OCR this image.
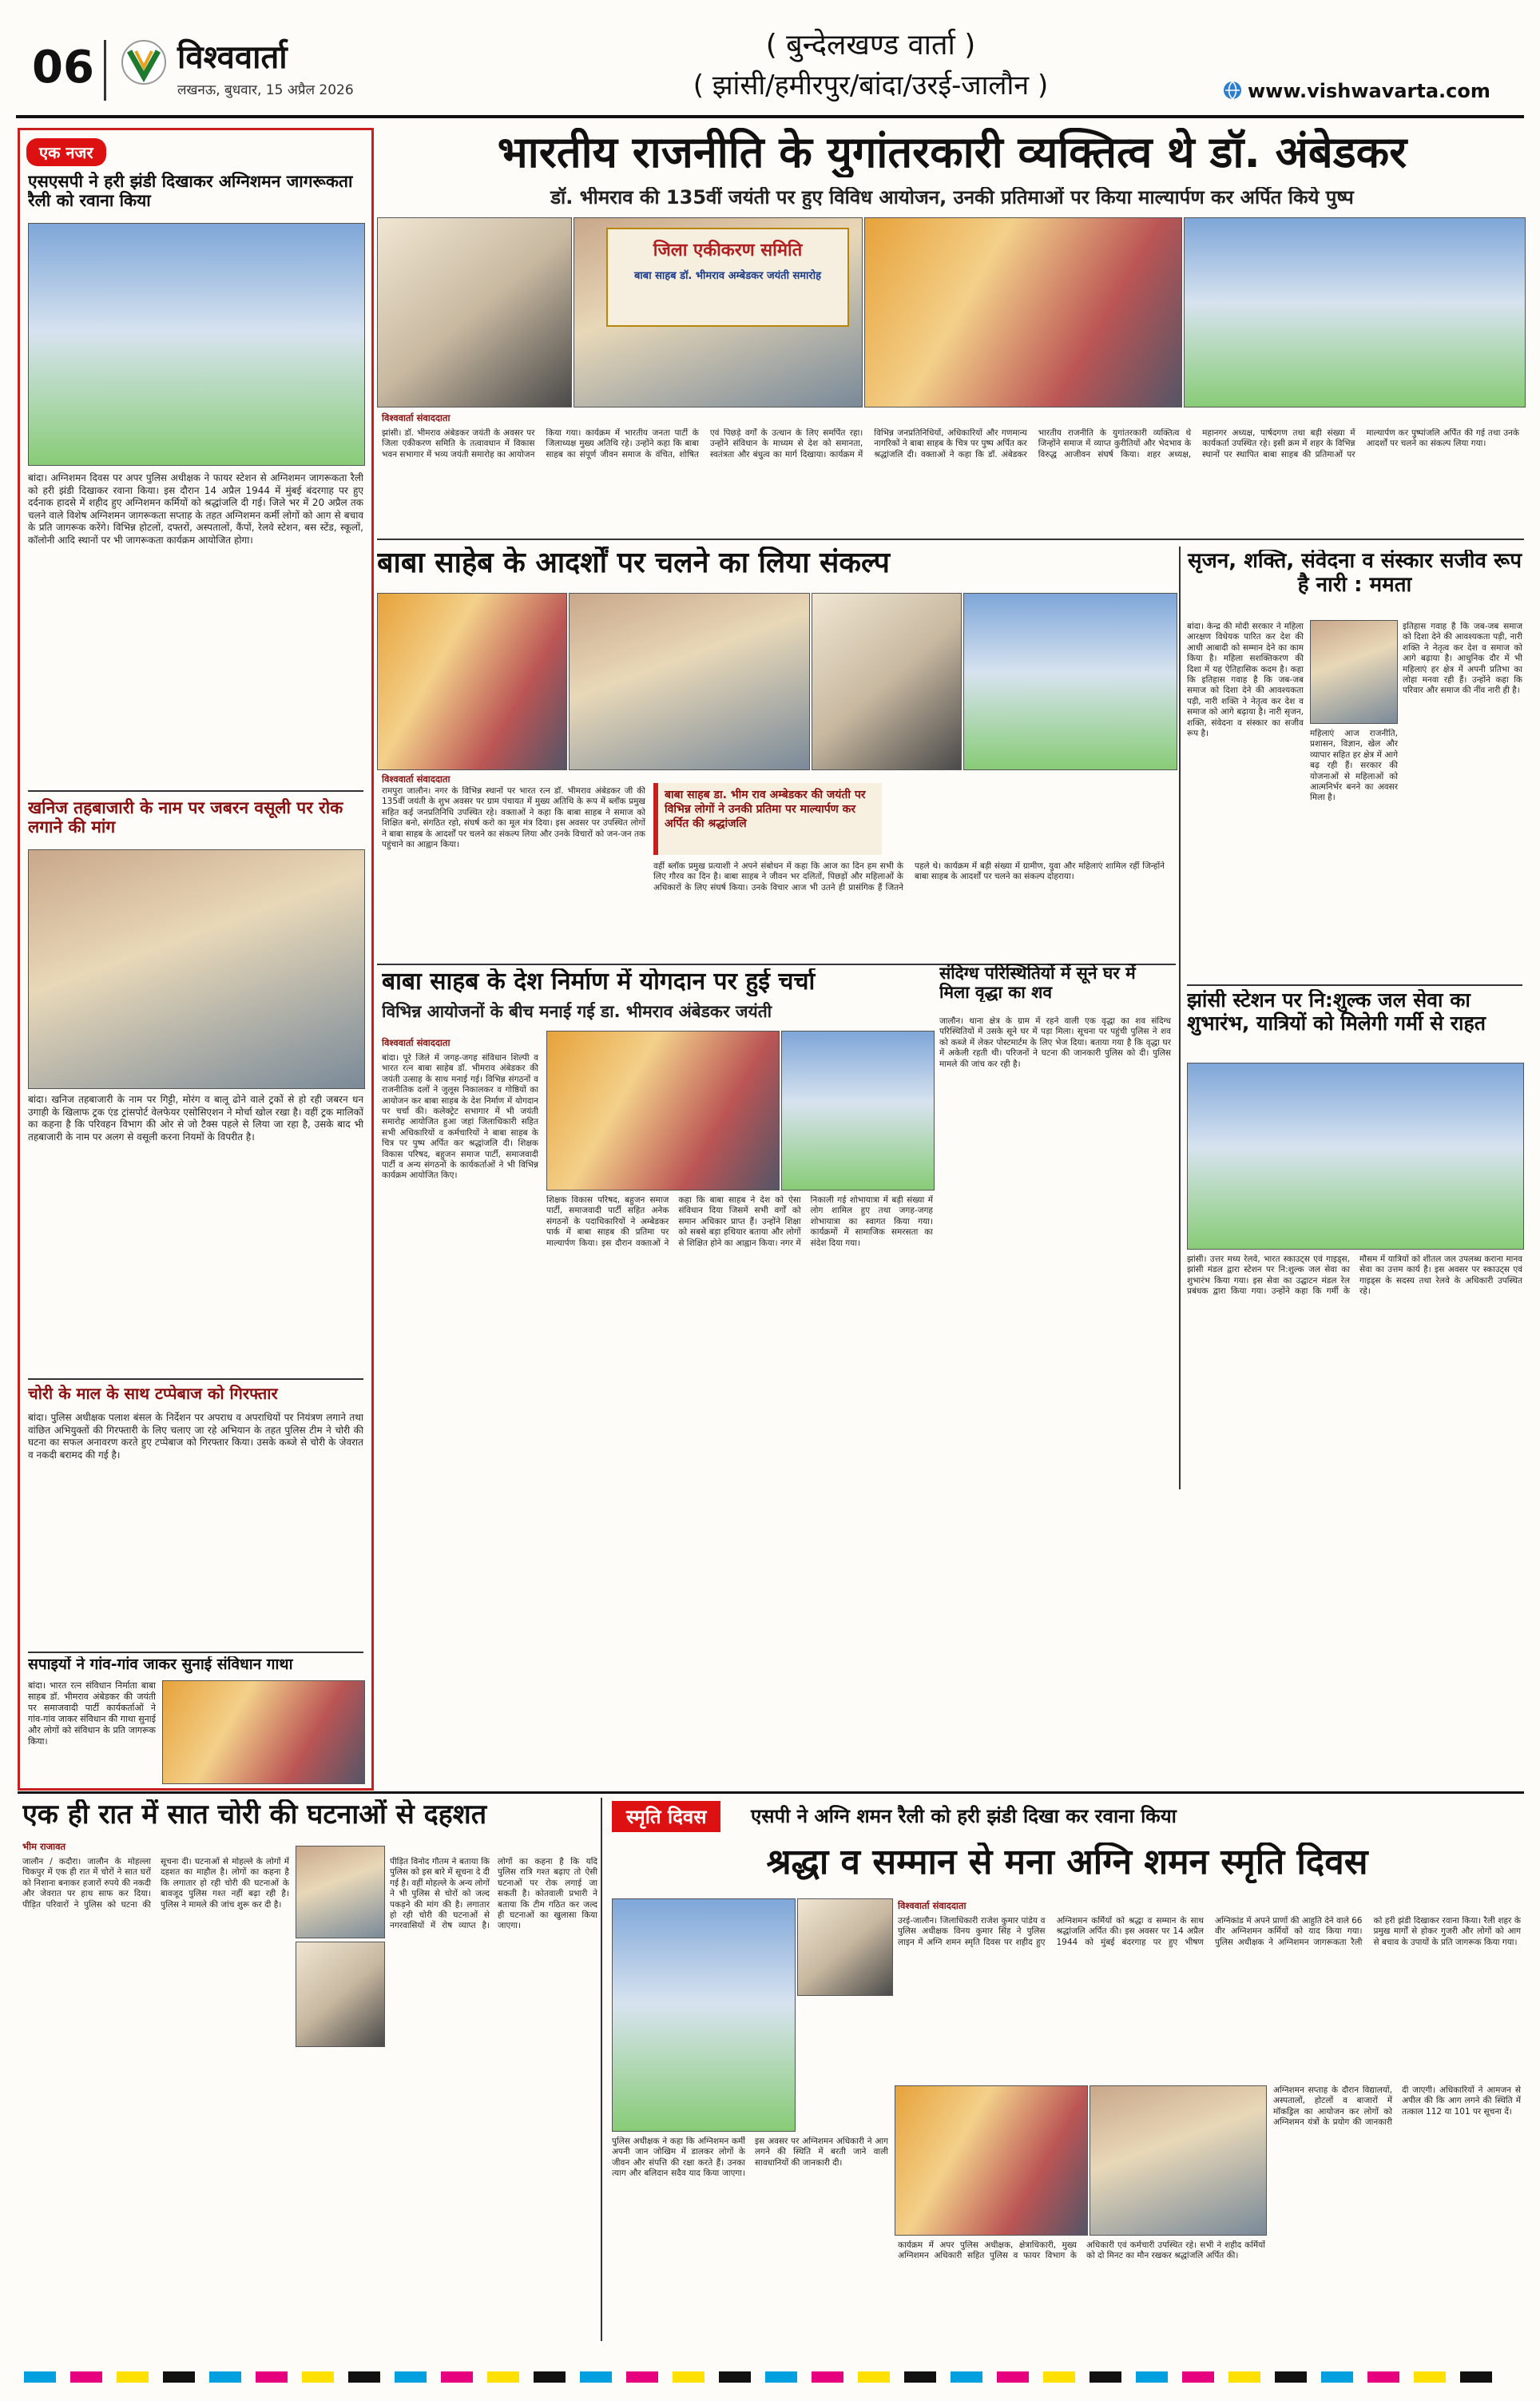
06	विश्ववार्ता
लखनऊ, बुधवार, 15 अप्रैल 2026
( बुन्देलखण्ड वार्ता )
( झांसी/हमीरपुर/बांदा/उरई-जालौन )	www.vishwavarta.com
एक नजर
एसएसपी ने हरी झंडी दिखाकर अग्निशमन जागरूकता रैली को रवाना किया
बांदा। अग्निशमन दिवस पर अपर पुलिस अधीक्षक ने फायर स्टेशन से अग्निशमन जागरूकता रैली को हरी झंडी दिखाकर रवाना किया। इस दौरान 14 अप्रैल 1944 में मुंबई बंदरगाह पर हुए दर्दनाक हादसे में शहीद हुए अग्निशमन कर्मियों को श्रद्धांजलि दी गई। जिले भर में 20 अप्रैल तक चलने वाले विशेष अग्निशमन जागरूकता सप्ताह के तहत अग्निशमन कर्मी लोगों को आग से बचाव के प्रति जागरूक करेंगे। विभिन्न होटलों, दफ्तरों, अस्पतालों, कैंपों, रेलवे स्टेशन, बस स्टेंड, स्कूलों, कॉलोनी आदि स्थानों पर भी जागरूकता कार्यक्रम आयोजित होगा।
खनिज तहबाजारी के नाम पर जबरन वसूली पर रोक लगाने की मांग
बांदा। खनिज तहबाजारी के नाम पर गिट्टी, मोरंग व बालू ढोने वाले ट्रकों से हो रही जबरन धन उगाही के खिलाफ ट्रक एंड ट्रांसपोर्ट वेलफेयर एसोसिएशन ने मोर्चा खोल रखा है। वहीं ट्रक मालिकों का कहना है कि परिवहन विभाग की ओर से जो टैक्स पहले से लिया जा रहा है, उसके बाद भी तहबाजारी के नाम पर अलग से वसूली करना नियमों के विपरीत है।
चोरी के माल के साथ टप्पेबाज को गिरफ्तार
बांदा। पुलिस अधीक्षक पलाश बंसल के निर्देशन पर अपराध व अपराधियों पर नियंत्रण लगाने तथा वांछित अभियुक्तों की गिरफ्तारी के लिए चलाए जा रहे अभियान के तहत पुलिस टीम ने चोरी की घटना का सफल अनावरण करते हुए टप्पेबाज को गिरफ्तार किया। उसके कब्जे से चोरी के जेवरात व नकदी बरामद की गई है।
सपाइयों ने गांव-गांव जाकर सुनाई संविधान गाथा
बांदा। भारत रत्न संविधान निर्माता बाबा साहब डॉ. भीमराव अंबेडकर की जयंती पर समाजवादी पार्टी कार्यकर्ताओं ने गांव-गांव जाकर संविधान की गाथा सुनाई और लोगों को संविधान के प्रति जागरूक किया।
भारतीय राजनीति के युगांतरकारी व्यक्तित्व थे डॉ. अंबेडकर
डॉ. भीमराव की 135वीं जयंती पर हुए विविध आयोजन, उनकी प्रतिमाओं पर किया माल्यार्पण कर अर्पित किये पुष्प
जिला एकीकरण समिति
बाबा साहब डॉ. भीमराव अम्बेडकर जयंती समारोह
विश्ववार्ता संवाददाता
झांसी। डॉ. भीमराव अंबेडकर जयंती के अवसर पर जिला एकीकरण समिति के तत्वावधान में विकास भवन सभागार में भव्य जयंती समारोह का आयोजन किया गया। कार्यक्रम में भारतीय जनता पार्टी के जिलाध्यक्ष मुख्य अतिथि रहे। उन्होंने कहा कि बाबा साहब का संपूर्ण जीवन समाज के वंचित, शोषित एवं पिछड़े वर्गों के उत्थान के लिए समर्पित रहा। उन्होंने संविधान के माध्यम से देश को समानता, स्वतंत्रता और बंधुत्व का मार्ग दिखाया। कार्यक्रम में विभिन्न जनप्रतिनिधियों, अधिकारियों और गणमान्य नागरिकों ने बाबा साहब के चित्र पर पुष्प अर्पित कर श्रद्धांजलि दी। वक्ताओं ने कहा कि डॉ. अंबेडकर भारतीय राजनीति के युगांतरकारी व्यक्तित्व थे जिन्होंने समाज में व्याप्त कुरीतियों और भेदभाव के विरुद्ध आजीवन संघर्ष किया। शहर अध्यक्ष, महानगर अध्यक्ष, पार्षदगण तथा बड़ी संख्या में कार्यकर्ता उपस्थित रहे। इसी क्रम में शहर के विभिन्न स्थानों पर स्थापित बाबा साहब की प्रतिमाओं पर माल्यार्पण कर पुष्पांजलि अर्पित की गई तथा उनके आदर्शों पर चलने का संकल्प लिया गया।
बाबा साहेब के आदर्शों पर चलने का लिया संकल्प
विश्ववार्ता संवाददाता
रामपुरा जालौन। नगर के विभिन्न स्थानों पर भारत रत्न डॉ. भीमराव अंबेडकर जी की 135वीं जयंती के शुभ अवसर पर ग्राम पंचायत में मुख्य अतिथि के रूप में ब्लॉक प्रमुख सहित कई जनप्रतिनिधि उपस्थित रहे। वक्ताओं ने कहा कि बाबा साहब ने समाज को शिक्षित बनो, संगठित रहो, संघर्ष करो का मूल मंत्र दिया। इस अवसर पर उपस्थित लोगों ने बाबा साहब के आदर्शों पर चलने का संकल्प लिया और उनके विचारों को जन-जन तक पहुंचाने का आह्वान किया।
बाबा साहब डा. भीम राव अम्बेडकर की जयंती पर विभिन्न लोगों ने उनकी प्रतिमा पर माल्यार्पण कर अर्पित की श्रद्धांजलि
वहीं ब्लॉक प्रमुख प्रत्याशी ने अपने संबोधन में कहा कि आज का दिन हम सभी के लिए गौरव का दिन है। बाबा साहब ने जीवन भर दलितों, पिछड़ों और महिलाओं के अधिकारों के लिए संघर्ष किया। उनके विचार आज भी उतने ही प्रासंगिक हैं जितने पहले थे। कार्यक्रम में बड़ी संख्या में ग्रामीण, युवा और महिलाएं शामिल रहीं जिन्होंने बाबा साहब के आदर्शों पर चलने का संकल्प दोहराया।
बाबा साहब के देश निर्माण में योगदान पर हुई चर्चा
विभिन्न आयोजनों के बीच मनाई गई डा. भीमराव अंबेडकर जयंती
विश्ववार्ता संवाददाता
बांदा। पूरे जिले में जगह-जगह संविधान शिल्पी व भारत रत्न बाबा साहेब डॉ. भीमराव अंबेडकर की जयंती उत्साह के साथ मनाई गई। विभिन्न संगठनों व राजनीतिक दलों ने जुलूस निकालकर व गोष्ठियों का आयोजन कर बाबा साहब के देश निर्माण में योगदान पर चर्चा की। कलेक्ट्रेट सभागार में भी जयंती समारोह आयोजित हुआ जहां जिलाधिकारी सहित सभी अधिकारियों व कर्मचारियों ने बाबा साहब के चित्र पर पुष्प अर्पित कर श्रद्धांजलि दी। शिक्षक विकास परिषद, बहुजन समाज पार्टी, समाजवादी पार्टी व अन्य संगठनों के कार्यकर्ताओं ने भी विभिन्न कार्यक्रम आयोजित किए।
शिक्षक विकास परिषद, बहुजन समाज पार्टी, समाजवादी पार्टी सहित अनेक संगठनों के पदाधिकारियों ने अम्बेडकर पार्क में बाबा साहब की प्रतिमा पर माल्यार्पण किया। इस दौरान वक्ताओं ने कहा कि बाबा साहब ने देश को ऐसा संविधान दिया जिसमें सभी वर्गों को समान अधिकार प्राप्त हैं। उन्होंने शिक्षा को सबसे बड़ा हथियार बताया और लोगों से शिक्षित होने का आह्वान किया। नगर में निकाली गई शोभायात्रा में बड़ी संख्या में लोग शामिल हुए तथा जगह-जगह शोभायात्रा का स्वागत किया गया। कार्यक्रमों में सामाजिक समरसता का संदेश दिया गया।
संदिग्ध परिस्थितियों में सूने घर में मिला वृद्धा का शव
जालौन। थाना क्षेत्र के ग्राम में रहने वाली एक वृद्धा का शव संदिग्ध परिस्थितियों में उसके सूने घर में पड़ा मिला। सूचना पर पहुंची पुलिस ने शव को कब्जे में लेकर पोस्टमार्टम के लिए भेज दिया। बताया गया है कि वृद्धा घर में अकेली रहती थी। परिजनों ने घटना की जानकारी पुलिस को दी। पुलिस मामले की जांच कर रही है।
सृजन, शक्ति, संवेदना व संस्कार सजीव रूप है नारी : ममता
बांदा। केन्द्र की मोदी सरकार ने महिला आरक्षण विधेयक पारित कर देश की आधी आबादी को सम्मान देने का काम किया है। महिला सशक्तिकरण की दिशा में यह ऐतिहासिक कदम है। कहा कि इतिहास गवाह है कि जब-जब समाज को दिशा देने की आवश्यकता पड़ी, नारी शक्ति ने नेतृत्व कर देश व समाज को आगे बढ़ाया है। नारी सृजन, शक्ति, संवेदना व संस्कार का सजीव रूप है।
इतिहास गवाह है कि जब-जब समाज को दिशा देने की आवश्यकता पड़ी, नारी शक्ति ने नेतृत्व कर देश व समाज को आगे बढ़ाया है। आधुनिक दौर में भी महिलाएं हर क्षेत्र में अपनी प्रतिभा का लोहा मनवा रही हैं। उन्होंने कहा कि परिवार और समाज की नींव नारी ही है।
महिलाएं आज राजनीति, प्रशासन, विज्ञान, खेल और व्यापार सहित हर क्षेत्र में आगे बढ़ रही हैं। सरकार की योजनाओं से महिलाओं को आत्मनिर्भर बनने का अवसर मिला है।
झांसी स्टेशन पर नि:शुल्क जल सेवा का शुभारंभ, यात्रियों को मिलेगी गर्मी से राहत
झांसी। उत्तर मध्य रेलवे, भारत स्काउट्स एवं गाइड्स, झांसी मंडल द्वारा स्टेशन पर नि:शुल्क जल सेवा का शुभारंभ किया गया। इस सेवा का उद्घाटन मंडल रेल प्रबंधक द्वारा किया गया। उन्होंने कहा कि गर्मी के मौसम में यात्रियों को शीतल जल उपलब्ध कराना मानव सेवा का उत्तम कार्य है। इस अवसर पर स्काउट्स एवं गाइड्स के सदस्य तथा रेलवे के अधिकारी उपस्थित रहे।
एक ही रात में सात चोरी की घटनाओं से दहशत
भीम राजावत
जालौन / कदौरा। जालौन के मोहल्ला चिकपुर में एक ही रात में चोरों ने सात घरों को निशाना बनाकर हजारों रुपये की नकदी और जेवरात पर हाथ साफ कर दिया। पीड़ित परिवारों ने पुलिस को घटना की सूचना दी। घटनाओं से मोहल्ले के लोगों में दहशत का माहौल है। लोगों का कहना है कि लगातार हो रही चोरी की घटनाओं के बावजूद पुलिस गश्त नहीं बढ़ा रही है। पुलिस ने मामले की जांच शुरू कर दी है।
पीड़ित विनोद गौतम ने बताया कि पुलिस को इस बारे में सूचना दे दी गई है। वहीं मोहल्ले के अन्य लोगों ने भी पुलिस से चोरों को जल्द पकड़ने की मांग की है। लगातार हो रही चोरी की घटनाओं से नगरवासियों में रोष व्याप्त है। लोगों का कहना है कि यदि पुलिस रात्रि गश्त बढ़ाए तो ऐसी घटनाओं पर रोक लगाई जा सकती है। कोतवाली प्रभारी ने बताया कि टीम गठित कर जल्द ही घटनाओं का खुलासा किया जाएगा।
स्मृति दिवस	एसपी ने अग्नि शमन रैली को हरी झंडी दिखा कर रवाना किया
श्रद्धा व सम्मान से मना अग्नि शमन स्मृति दिवस
विश्ववार्ता संवाददाता
उरई-जालौन। जिलाधिकारी राजेश कुमार पांडेय व पुलिस अधीक्षक विनय कुमार सिंह ने पुलिस लाइन में अग्नि शमन स्मृति दिवस पर शहीद हुए अग्निशमन कर्मियों को श्रद्धा व सम्मान के साथ श्रद्धांजलि अर्पित की। इस अवसर पर 14 अप्रैल 1944 को मुंबई बंदरगाह पर हुए भीषण अग्निकांड में अपने प्राणों की आहुति देने वाले 66 वीर अग्निशमन कर्मियों को याद किया गया। पुलिस अधीक्षक ने अग्निशमन जागरूकता रैली को हरी झंडी दिखाकर रवाना किया। रैली शहर के प्रमुख मार्गों से होकर गुजरी और लोगों को आग से बचाव के उपायों के प्रति जागरूक किया गया।
पुलिस अधीक्षक ने कहा कि अग्निशमन कर्मी अपनी जान जोखिम में डालकर लोगों के जीवन और संपत्ति की रक्षा करते हैं। उनका त्याग और बलिदान सदैव याद किया जाएगा। इस अवसर पर अग्निशमन अधिकारी ने आग लगने की स्थिति में बरती जाने वाली सावधानियों की जानकारी दी।
अग्निशमन सप्ताह के दौरान विद्यालयों, अस्पतालों, होटलों व बाजारों में मॉकड्रिल का आयोजन कर लोगों को अग्निशमन यंत्रों के प्रयोग की जानकारी दी जाएगी। अधिकारियों ने आमजन से अपील की कि आग लगने की स्थिति में तत्काल 112 या 101 पर सूचना दें।
कार्यक्रम में अपर पुलिस अधीक्षक, क्षेत्राधिकारी, मुख्य अग्निशमन अधिकारी सहित पुलिस व फायर विभाग के अधिकारी एवं कर्मचारी उपस्थित रहे। सभी ने शहीद कर्मियों को दो मिनट का मौन रखकर श्रद्धांजलि अर्पित की।
